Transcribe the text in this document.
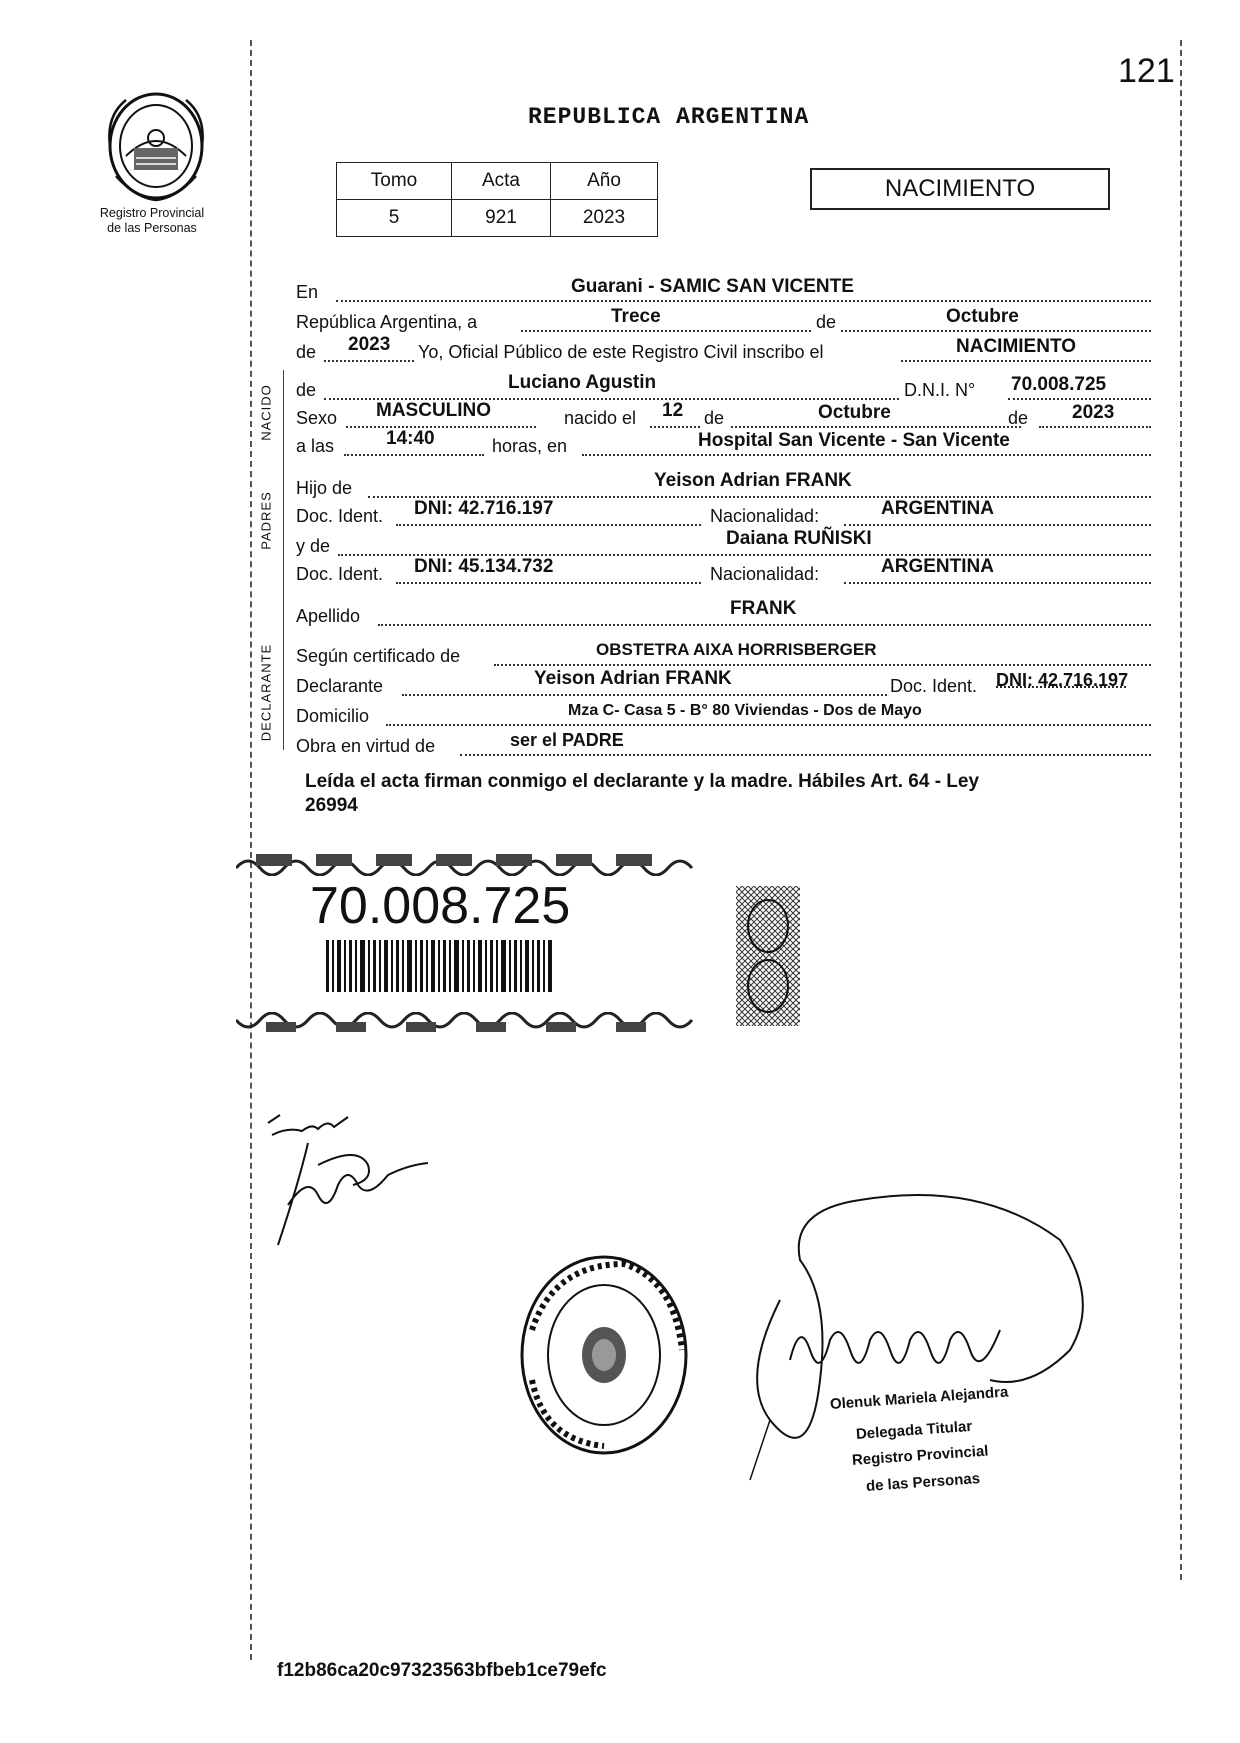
121
Registro Provincial
de las Personas
REPUBLICA ARGENTINA
Tomo	Acta	Año
5	921	2023
NACIMIENTO
NACIDO
PADRES
DECLARANTE
En	Guarani - SAMIC SAN VICENTE
República Argentina, a	Trece	de	Octubre
de 2023 Yo, Oficial Público de este Registro Civil inscribo el	NACIMIENTO
de	Luciano Agustin	D.N.I. N° 70.008.725
Sexo MASCULINO	nacido el 12 de	Octubre	de 2023
a las	14:40	horas, en	Hospital San Vicente - San Vicente
Hijo de	Yeison Adrian FRANK
Doc. Ident. DNI: 42.716.197	Nacionalidad:	ARGENTINA
y de	Daiana RUÑISKI
Doc. Ident. DNI: 45.134.732	Nacionalidad:	ARGENTINA
Apellido	FRANK
Según certificado de	OBSTETRA AIXA HORRISBERGER
Declarante	Yeison Adrian FRANK	Doc. Ident. DNI: 42.716.197
Domicilio	Mza C- Casa 5 - B° 80 Viviendas - Dos de Mayo
Obra en virtud de	ser el PADRE
Leída el acta firman conmigo el declarante y la madre. Hábiles Art. 64 - Ley
26994
70.008.725
Olenuk Mariela Alejandra
Delegada Titular
Registro Provincial
de las Personas
f12b86ca20c97323563bfbeb1ce79efc
